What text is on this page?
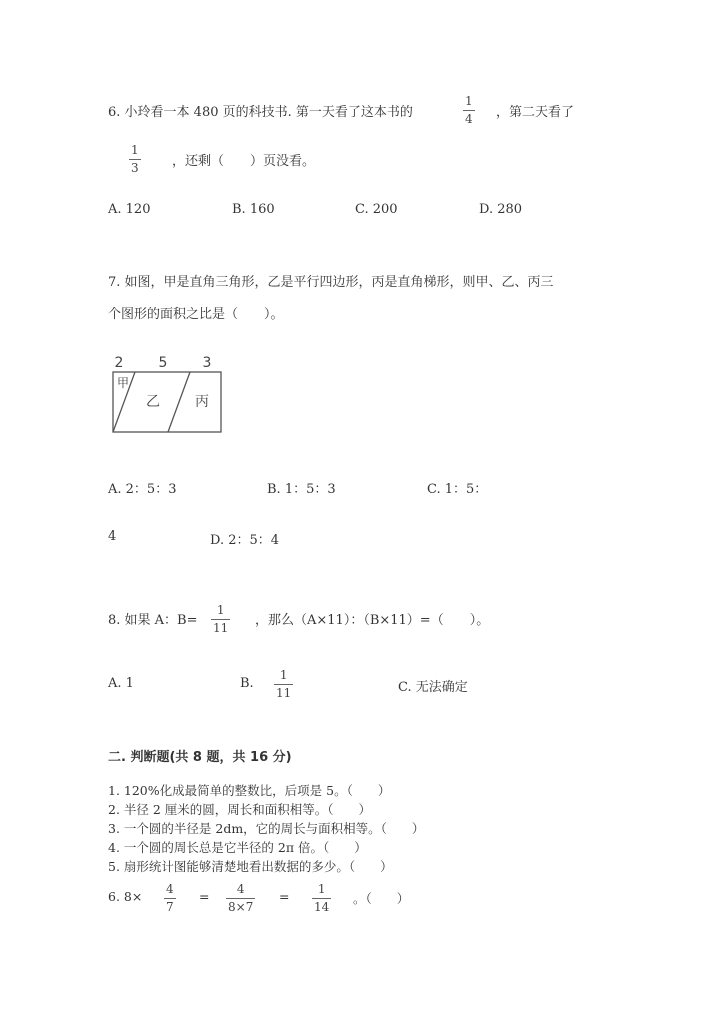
6. 小玲看一本 480 页的科技书. 第一天看了这本书的
1
4 ，第二天看了
1
3	，还剩（　　）页没看。
A. 120	B. 160	C. 200	D. 280
7. 如图，甲是直角三角形，乙是平行四边形，丙是直角梯形，则甲、乙、丙三
个图形的面积之比是（　　）。
2	5	3
甲
乙	丙
A. 2：5：3	B. 1：5：3	C. 1：5：
4	D. 2：5：4
8. 如果 A：B=
1
11 ，那么（A×11）：（B×11）=（　　）。
A. 1	B.
1
11	C. 无法确定
二. 判断题(共 8 题，共 16 分)
1. 120%化成最简单的整数比，后项是 5。（　　）
2. 半径 2 厘米的圆，周长和面积相等。（　　）
3. 一个圆的半径是 2dm，它的周长与面积相等。（　　）
4. 一个圆的周长总是它半径的 2π 倍。（　　）
5. 扇形统计图能够清楚地看出数据的多少。（　　）
6. 8× 4
7
= 4
8×7
= 1
14
。（　　）
